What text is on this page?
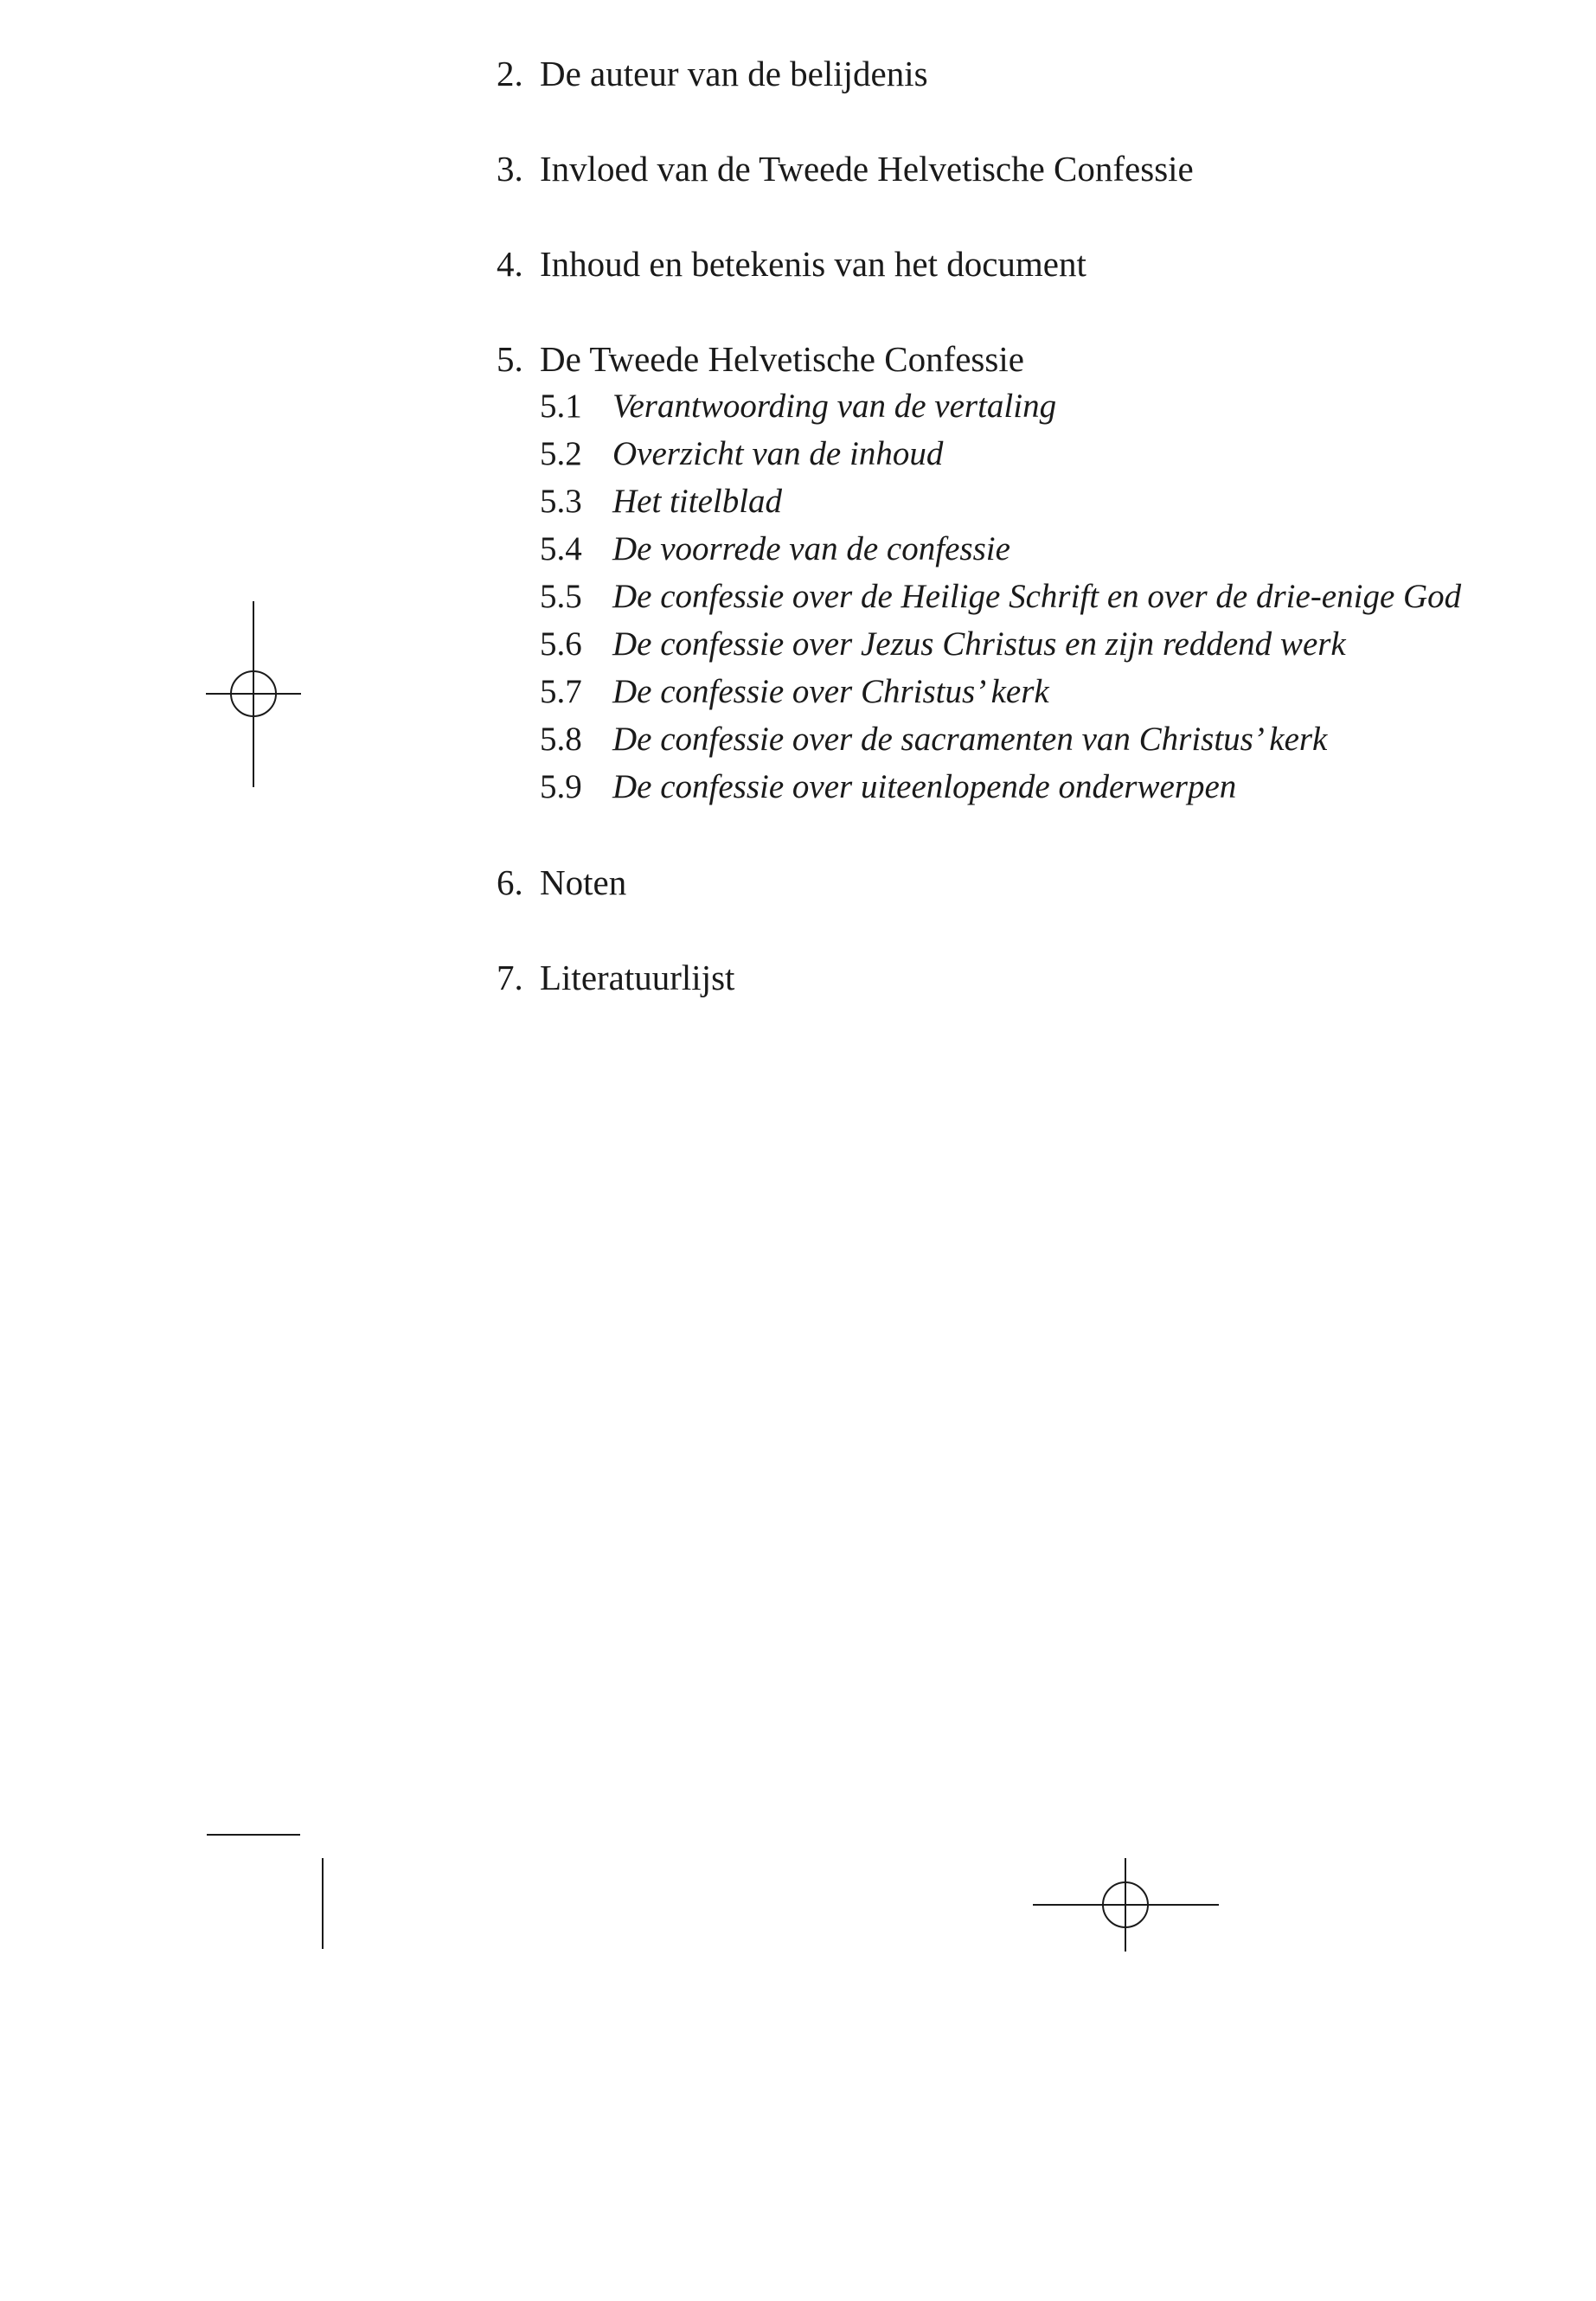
2. De auteur van de belijdenis
3. Invloed van de Tweede Helvetische Confessie
4. Inhoud en betekenis van het document
5. De Tweede Helvetische Confessie
5.1 Verantwoording van de vertaling
5.2 Overzicht van de inhoud
5.3 Het titelblad
5.4 De voorrede van de confessie
5.5 De confessie over de Heilige Schrift en over de drie-enige God
5.6 De confessie over Jezus Christus en zijn reddend werk
5.7 De confessie over Christus’ kerk
5.8 De confessie over de sacramenten van Christus’ kerk
5.9 De confessie over uiteenlopende onderwerpen
6. Noten
7. Literatuurlijst
